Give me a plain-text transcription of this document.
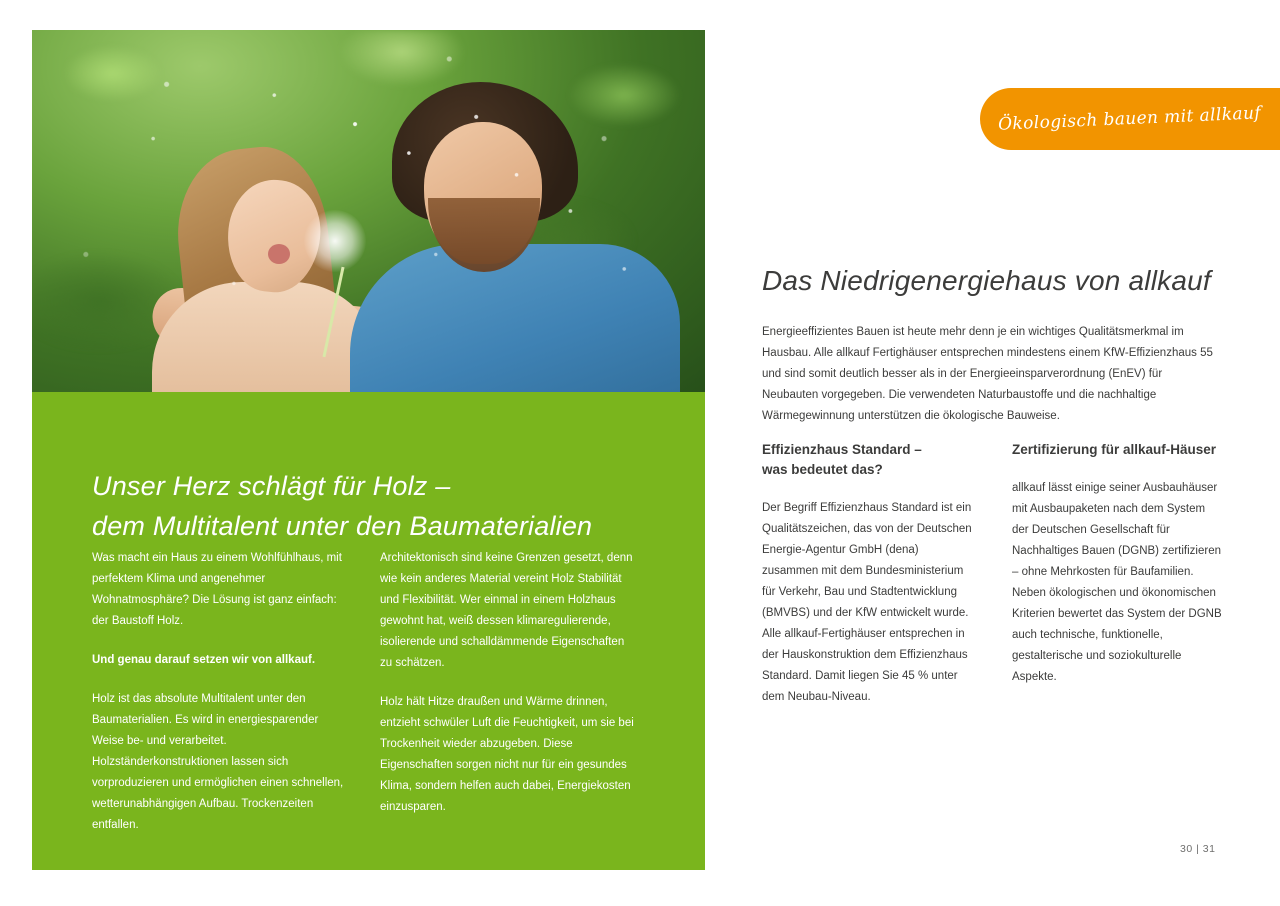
Unser Herz schlägt für Holz –
dem Multitalent unter den Baumaterialien

Was macht ein Haus zu einem Wohlfühlhaus, mit perfektem Klima und angenehmer Wohnatmosphäre? Die Lösung ist ganz einfach: der Baustoff Holz.

Und genau darauf setzen wir von allkauf.

Holz ist das absolute Multitalent unter den Baumaterialien. Es wird in energiesparender Weise be- und verarbeitet. Holzständerkonstruktionen lassen sich vorproduzieren und ermöglichen einen schnellen, wetterunabhängigen Aufbau. Trockenzeiten entfallen.

Architektonisch sind keine Grenzen gesetzt, denn wie kein anderes Material vereint Holz Stabilität und Flexibilität. Wer einmal in einem Holzhaus gewohnt hat, weiß dessen klimaregulierende, isolierende und schalldämmende Eigenschaften zu schätzen.

Holz hält Hitze draußen und Wärme drinnen, entzieht schwüler Luft die Feuchtigkeit, um sie bei Trockenheit wieder abzugeben. Diese Eigenschaften sorgen nicht nur für ein gesundes Klima, sondern helfen auch dabei, Energiekosten einzusparen.

Ökologisch bauen mit allkauf
Das Niedrigenergiehaus von allkauf

Energieeffizientes Bauen ist heute mehr denn je ein wichtiges Qualitätsmerkmal im Hausbau. Alle allkauf Fertighäuser entsprechen mindestens einem KfW-Effizienzhaus 55 und sind somit deutlich besser als in der Energieeinsparverordnung (EnEV) für Neubauten vorgegeben. Die verwendeten Naturbaustoffe und die nachhaltige Wärmegewinnung unterstützen die ökologische Bauweise.

Effizienzhaus Standard –
was bedeutet das?

Der Begriff Effizienzhaus Standard ist ein Qualitätszeichen, das von der Deutschen Energie-Agentur GmbH (dena) zusammen mit dem Bundesministerium für Verkehr, Bau und Stadtentwicklung (BMVBS) und der KfW entwickelt wurde. Alle allkauf-Fertighäuser entsprechen in der Hauskonstruktion dem Effizienzhaus Standard. Damit liegen Sie 45 % unter dem Neubau-Niveau.

Zertifizierung für allkauf-Häuser

allkauf lässt einige seiner Ausbauhäuser mit Ausbaupaketen nach dem System der Deutschen Gesellschaft für Nachhaltiges Bauen (DGNB) zertifizieren – ohne Mehrkosten für Baufamilien. Neben ökologischen und ökonomischen Kriterien bewertet das System der DGNB auch technische, funktionelle, gestalterische und soziokulturelle Aspekte.

30 | 31
